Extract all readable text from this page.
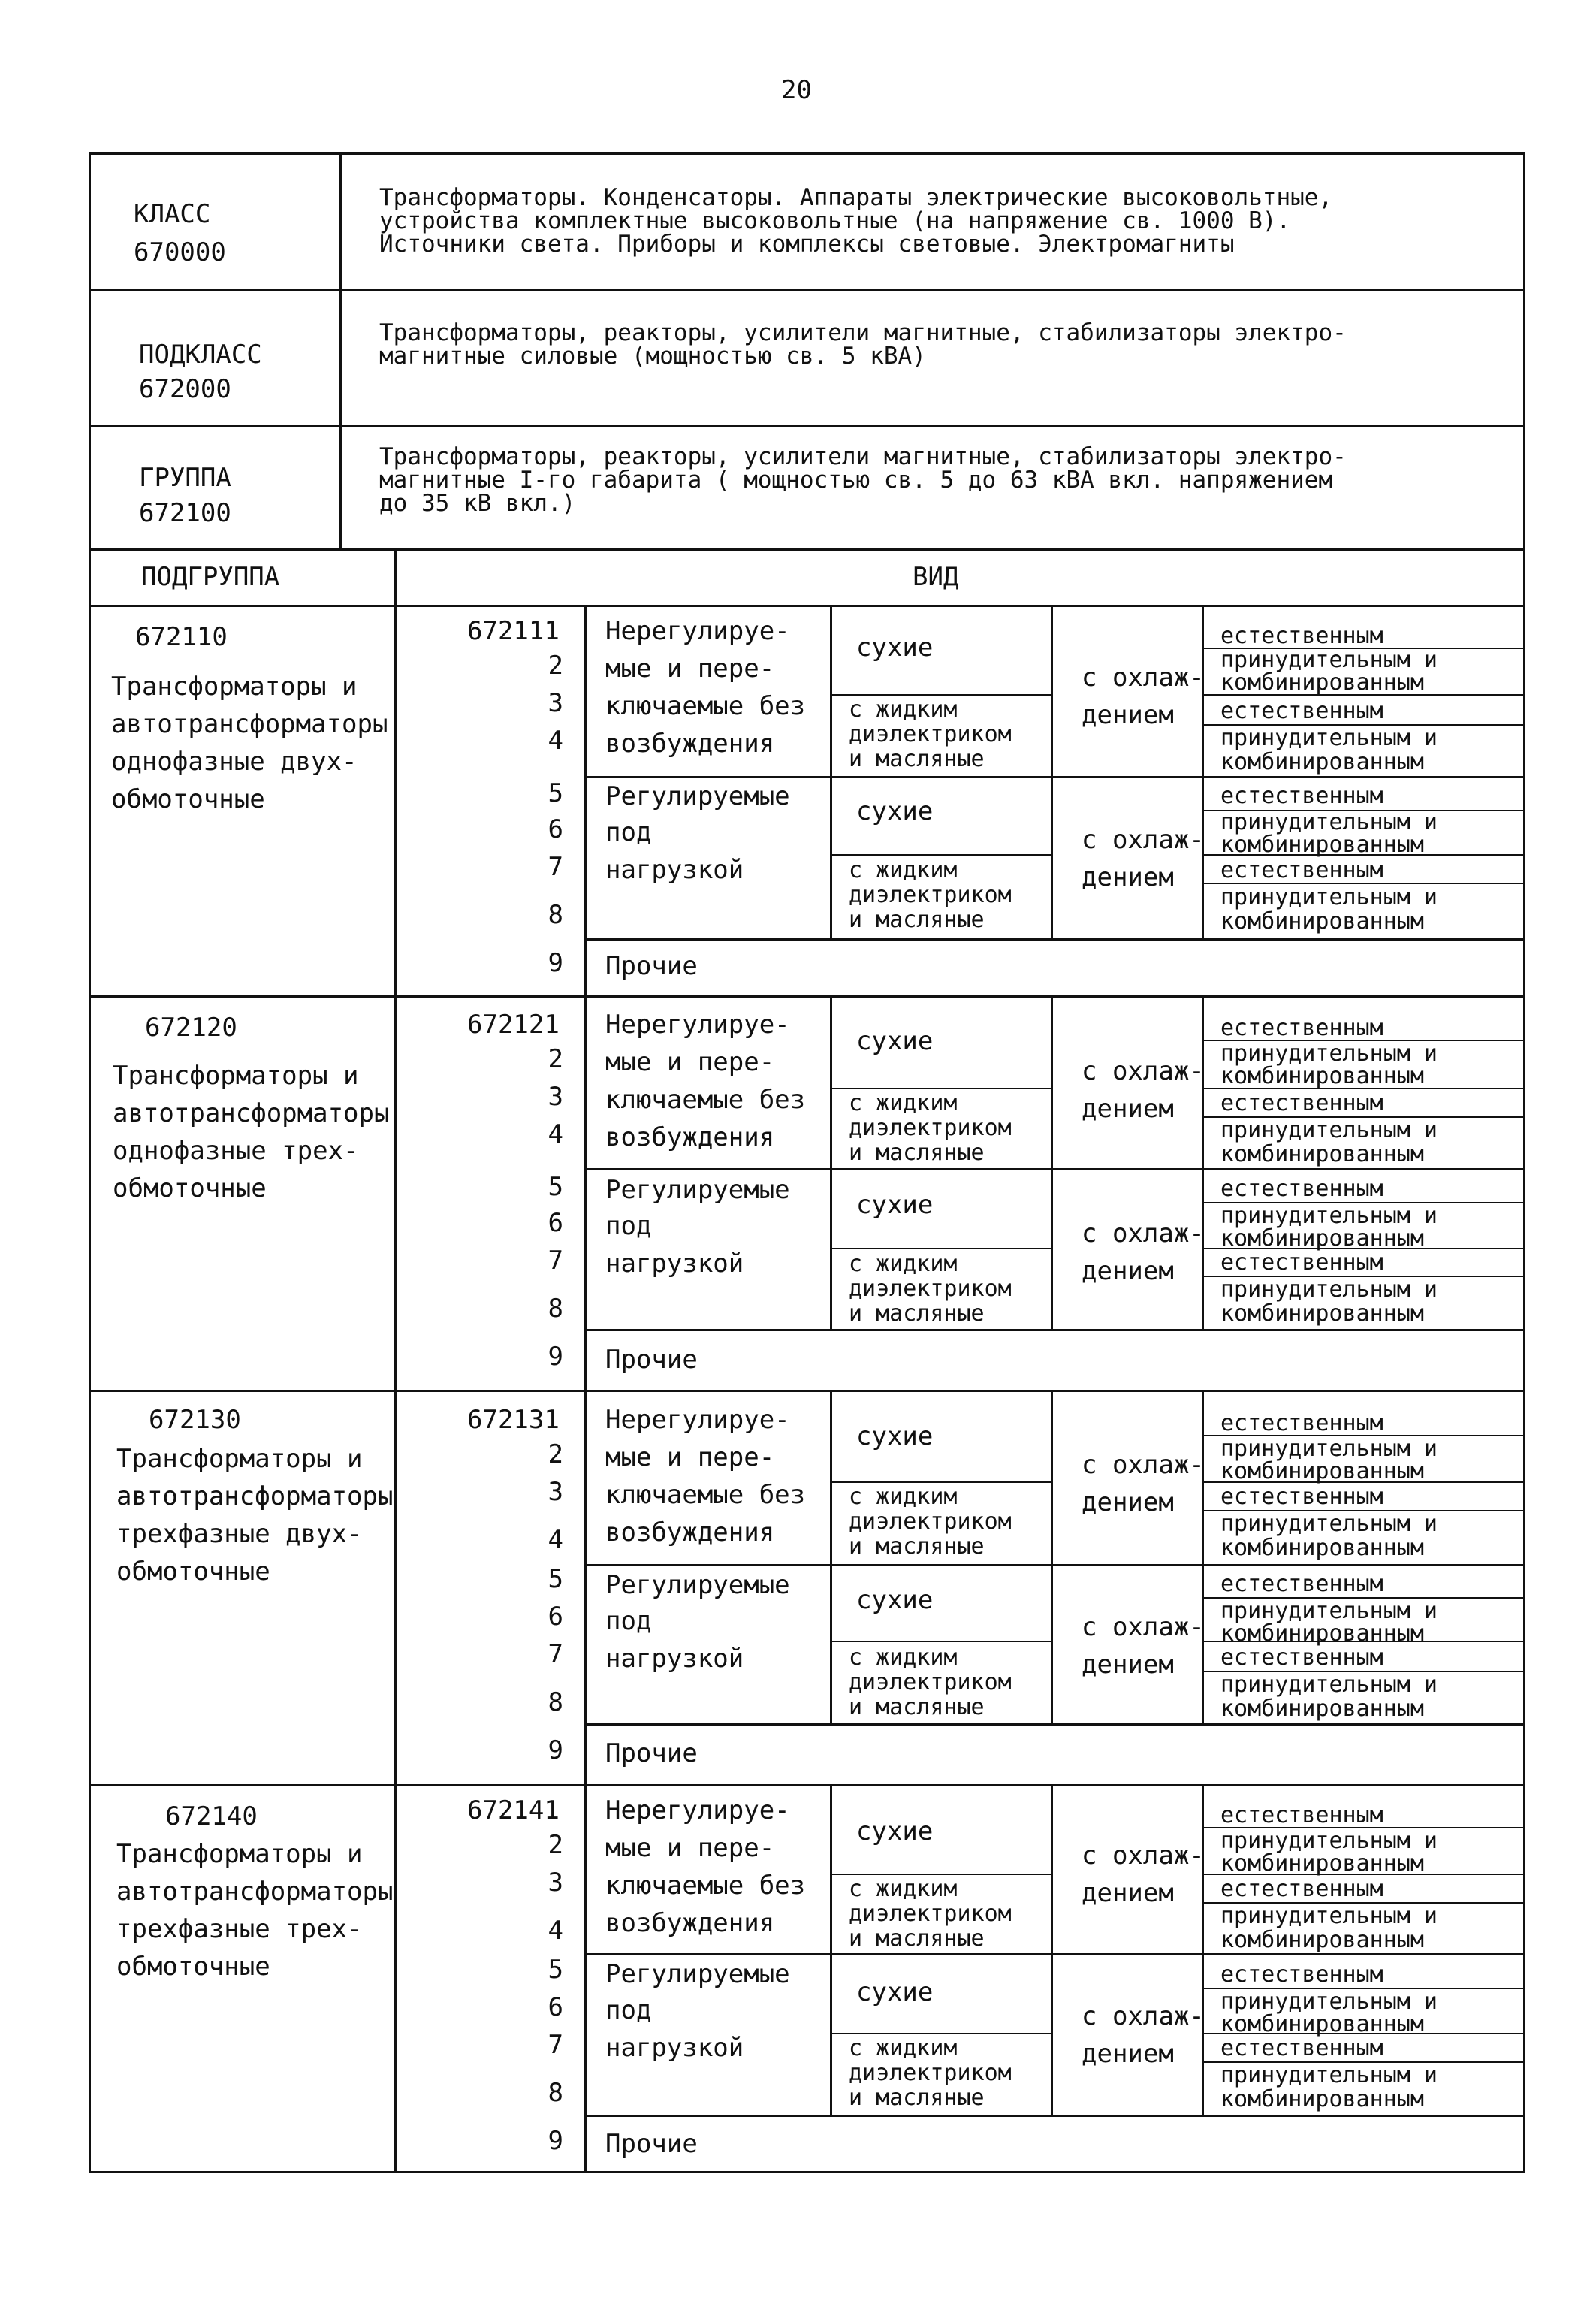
20
КЛАСС
670000
Трансформаторы. Конденсаторы. Аппараты электрические высоковольтные,
устройства комплектные высоковольтные (на напряжение св. 1000 В).
Источники света. Приборы и комплексы световые. Электромагниты
ПОДКЛАСС
672000
Трансформаторы, реакторы, усилители магнитные, стабилизаторы электро-
магнитные силовые (мощностью св. 5 кВА)
ГРУППА
672100
Трансформаторы, реакторы, усилители магнитные, стабилизаторы электро-
магнитные I-го габарита ( мощностью св. 5 до 63 кВА вкл. напряжением
до 35 кВ вкл.)
ПОДГРУППА	ВИД
672110
Трансформаторы и
автотрансформаторы
однофазные двух-
обмоточные
672111
2
3
4
5
6
7
8
9
Нерегулируе-
мые и пере-
ключаемые без
возбуждения
Регулируемые
под
нагрузкой
Прочие
сухие
с жидким
диэлектриком
и масляные
сухие
с жидким
диэлектриком
и масляные
с охлаж-
дением
с охлаж-
дением
естественным
принудительным и
комбинированным
естественным
принудительным и
комбинированным
естественным
принудительным и
комбинированным
естественным
принудительным и
комбинированным
672120
Трансформаторы и
автотрансформаторы
однофазные трех-
обмоточные
672121
2
3
4
5
6
7
8
9
Нерегулируе-
мые и пере-
ключаемые без
возбуждения
Регулируемые
под
нагрузкой
Прочие
сухие
с жидким
диэлектриком
и масляные
сухие
с жидким
диэлектриком
и масляные
с охлаж-
дением
с охлаж-
дением
естественным
принудительным и
комбинированным
естественным
принудительным и
комбинированным
естественным
принудительным и
комбинированным
естественным
принудительным и
комбинированным
672130
Трансформаторы и
автотрансформаторы
трехфазные двух-
обмоточные
672131
2
3
4
5
6
7
8
9
Нерегулируе-
мые и пере-
ключаемые без
возбуждения
Регулируемые
под
нагрузкой
Прочие
сухие
с жидким
диэлектриком
и масляные
сухие
с жидким
диэлектриком
и масляные
с охлаж-
дением
с охлаж-
дением
естественным
принудительным и
комбинированным
естественным
принудительным и
комбинированным
естественным
принудительным и
комбинированным
естественным
принудительным и
комбинированным
672140
Трансформаторы и
автотрансформаторы
трехфазные трех-
обмоточные
672141
2
3
4
5
6
7
8
9
Нерегулируе-
мые и пере-
ключаемые без
возбуждения
Регулируемые
под
нагрузкой
Прочие
сухие
с жидким
диэлектриком
и масляные
сухие
с жидким
диэлектриком
и масляные
с охлаж-
дением
с охлаж-
дением
естественным
принудительным и
комбинированным
естественным
принудительным и
комбинированным
естественным
принудительным и
комбинированным
естественным
принудительным и
комбинированным
